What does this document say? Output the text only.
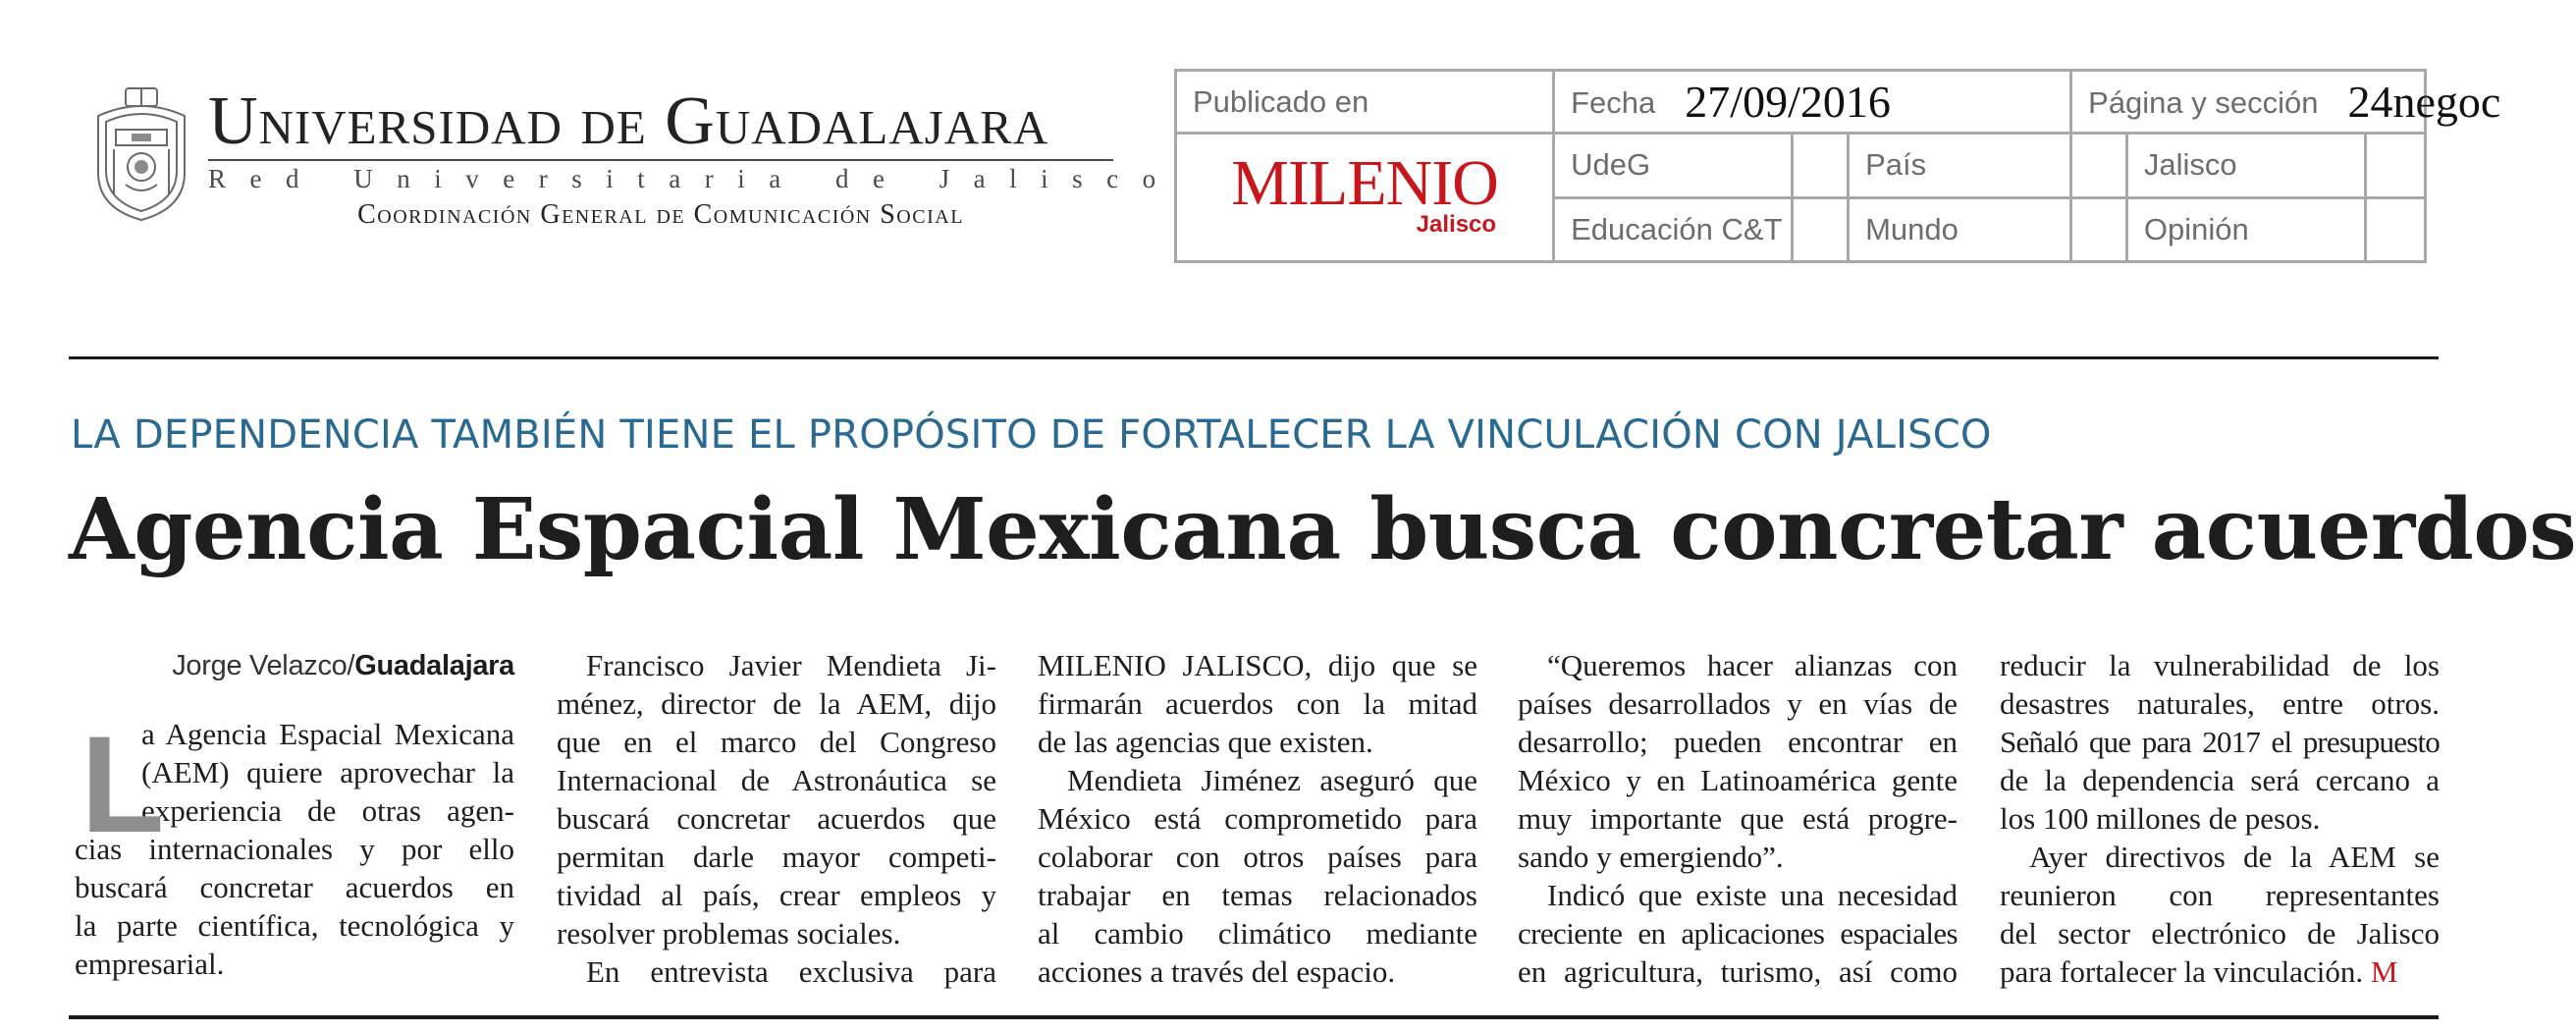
Universidad de Guadalajara
Red Universitaria de Jalisco
Coordinación General de Comunicación Social
Publicado en	Fecha 27/09/2016			Página y sección 24negoc		

MILENIO
Jalisco	UdeG		País		Jalisco	
	Educación C&T		Mundo		Opinión	
LA DEPENDENCIA TAMBIÉN TIENE EL PROPÓSITO DE FORTALECER LA VINCULACIÓN CON JALISCO
Agencia Espacial Mexicana busca concretar acuerdos
Jorge Velazco/Guadalajara
L
a Agencia Espacial Mexicana
(AEM) quiere aprovechar la
experiencia de otras agen-
cias internacionales y por ello
buscará concretar acuerdos en
la parte científica, tecnológica y
empresarial.
Francisco Javier Mendieta Ji-
ménez, director de la AEM, dijo
que en el marco del Congreso
Internacional de Astronáutica se
buscará concretar acuerdos que
permitan darle mayor competi-
tividad al país, crear empleos y
resolver problemas sociales.
En entrevista exclusiva para
MILENIO JALISCO, dijo que se
firmarán acuerdos con la mitad
de las agencias que existen.
Mendieta Jiménez aseguró que
México está comprometido para
colaborar con otros países para
trabajar en temas relacionados
al cambio climático mediante
acciones a través del espacio.
“Queremos hacer alianzas con
países desarrollados y en vías de
desarrollo; pueden encontrar en
México y en Latinoamérica gente
muy importante que está progre-
sando y emergiendo”.
Indicó que existe una necesidad
creciente en aplicaciones espaciales
en agricultura, turismo, así como
reducir la vulnerabilidad de los
desastres naturales, entre otros.
Señaló que para 2017 el presupuesto
de la dependencia será cercano a
los 100 millones de pesos.
Ayer directivos de la AEM se
reunieron con representantes
del sector electrónico de Jalisco
para fortalecer la vinculación. M
